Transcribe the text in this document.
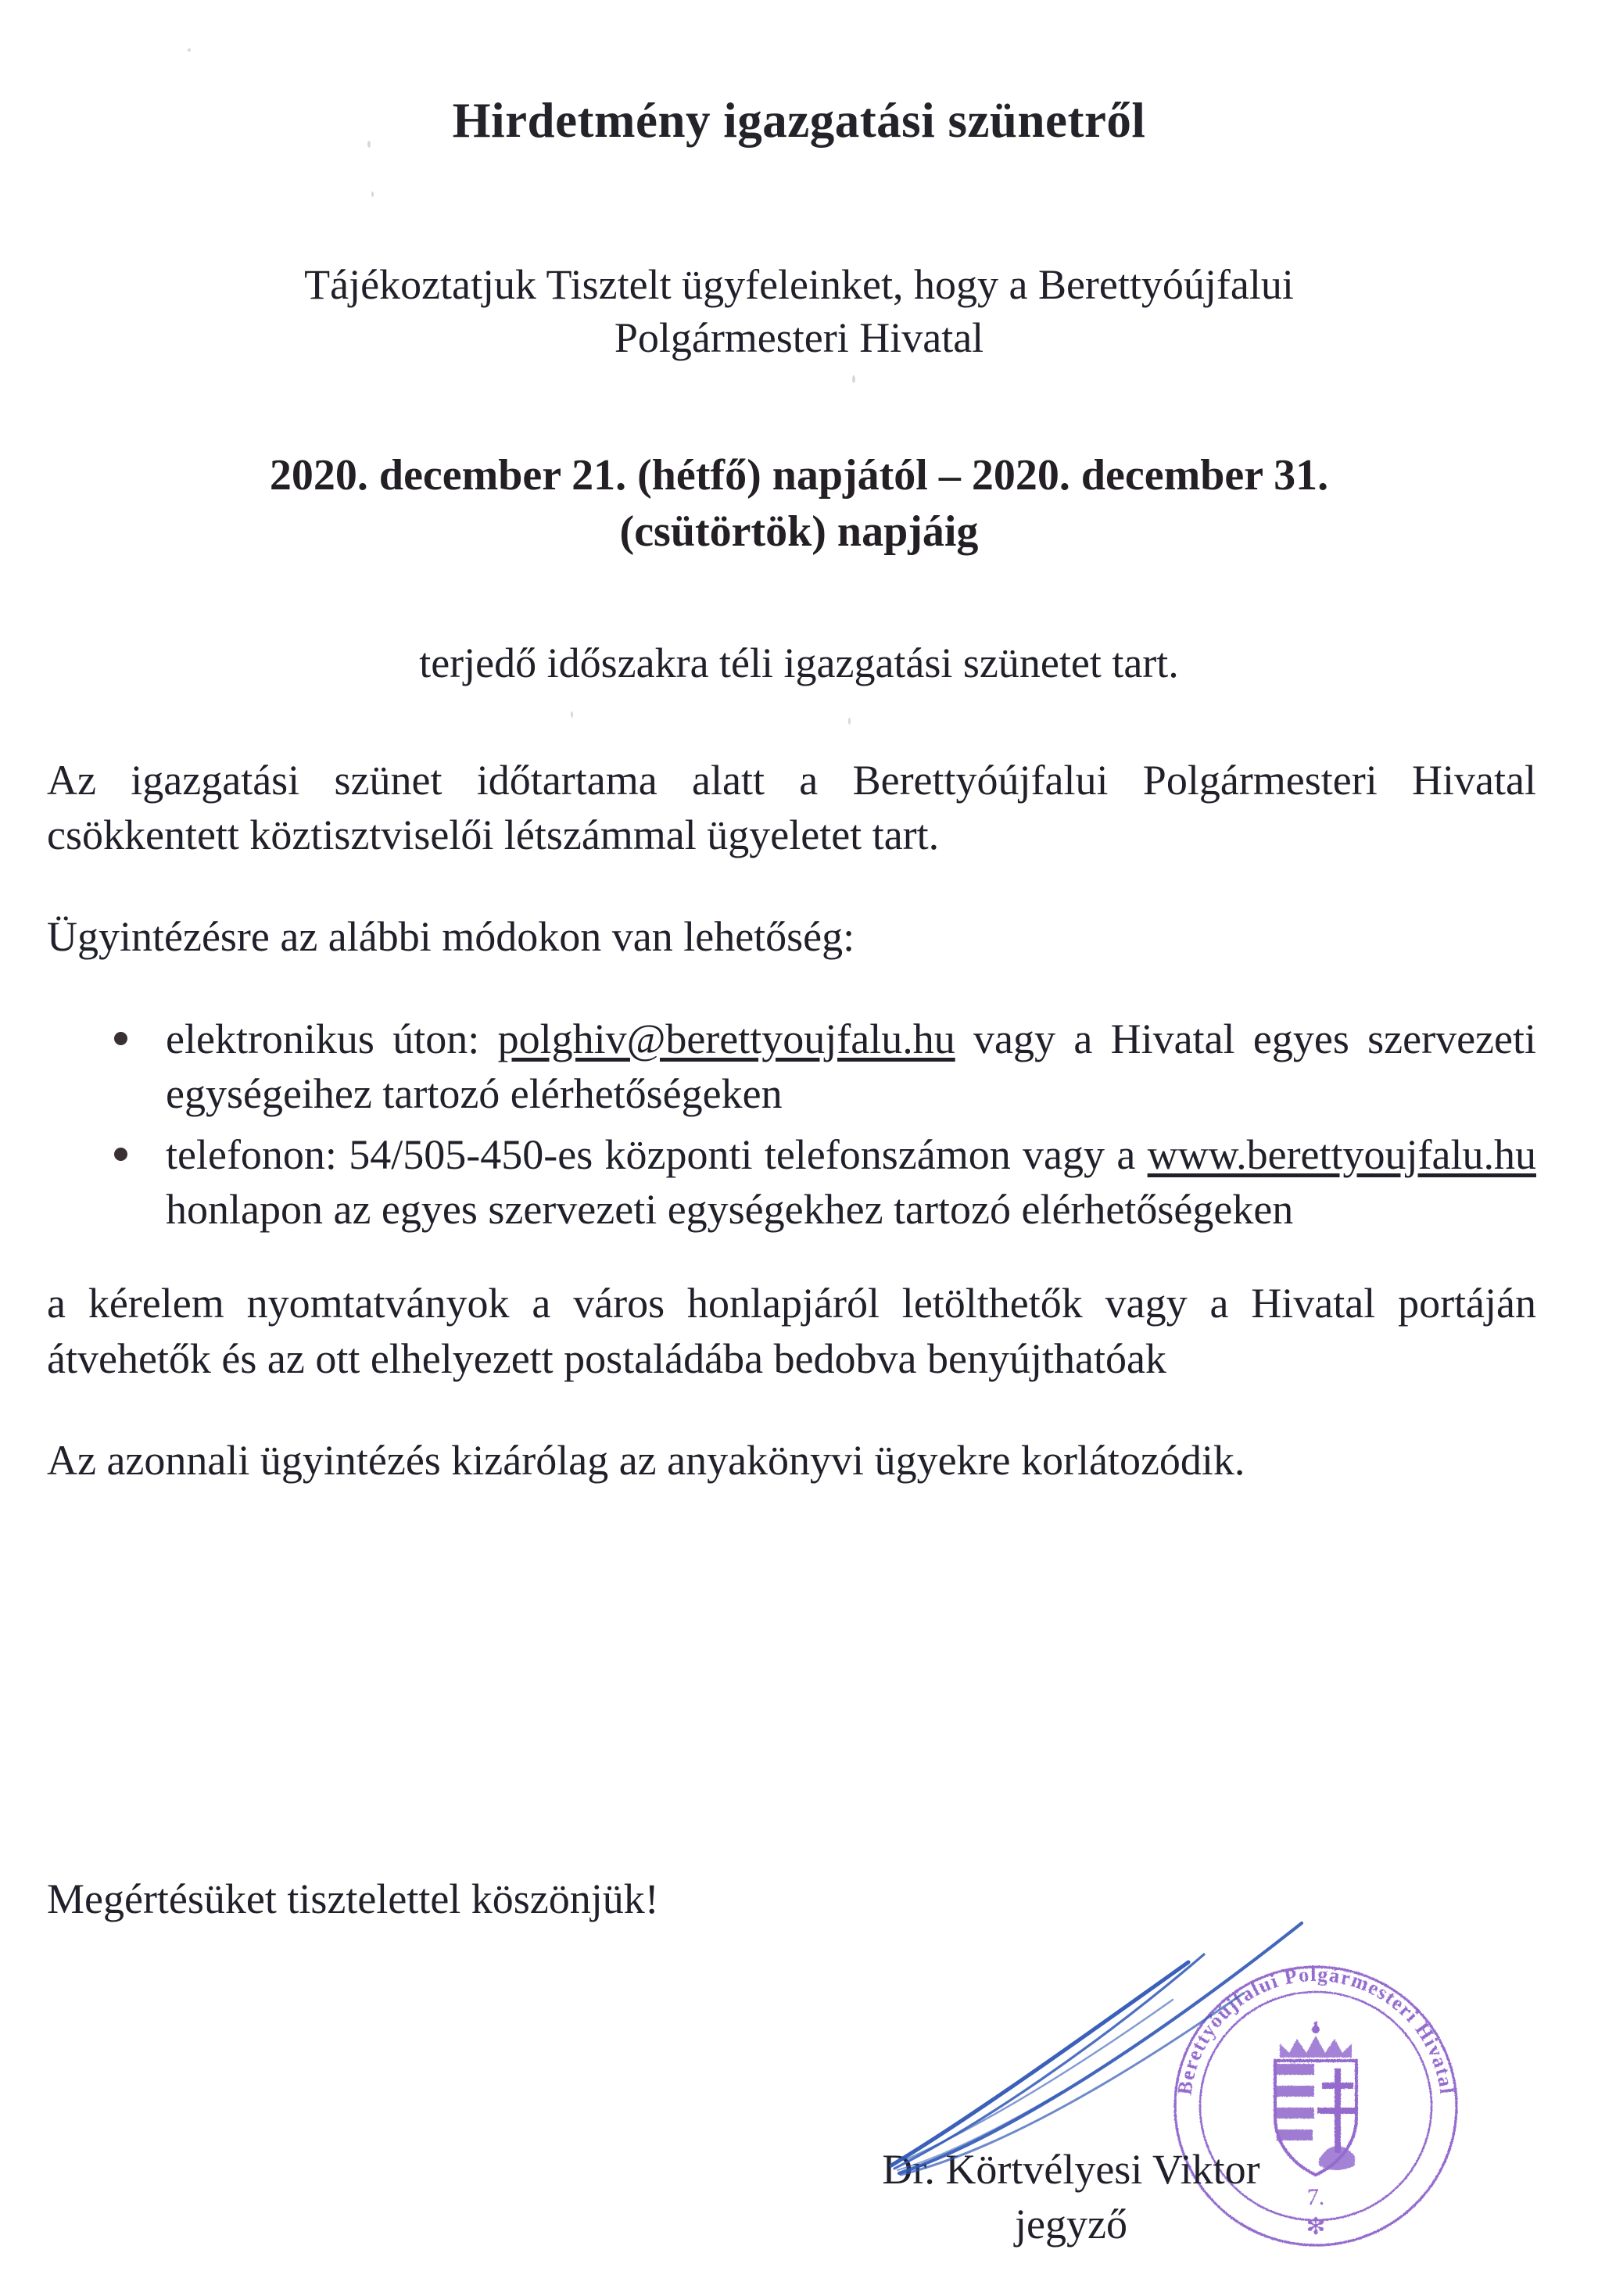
Hirdetmény igazgatási szünetről
Tájékoztatjuk Tisztelt ügyfeleinket, hogy a Berettyóújfalui
Polgármesteri Hivatal
2020. december 21. (hétfő) napjától – 2020. december 31.
(csütörtök) napjáig
terjedő időszakra téli igazgatási szünetet tart.

Az igazgatási szünet időtartama alatt a Berettyóújfalui Polgármesteri Hivatal csökkentett köztisztviselői létszámmal ügyeletet tart.

Ügyintézésre az alábbi módokon van lehetőség:

elektronikus úton: polghiv@berettyoujfalu.hu vagy a Hivatal egyes szervezeti egységeihez tartozó elérhetőségeken
telefonon: 54/505-450-es központi telefonszámon vagy a www.berettyoujfalu.hu honlapon az egyes szervezeti egységekhez tartozó elérhetőségeken

a kérelem nyomtatványok a város honlapjáról letölthetők vagy a Hivatal portáján átvehetők és az ott elhelyezett postaládába bedobva benyújthatóak

Az azonnali ügyintézés kizárólag az anyakönyvi ügyekre korlátozódik.

Megértésüket tisztelettel köszönjük!
Berettyóújfalui Polgármesteri Hivatal
7.
✻
Dr. Körtvélyesi Viktor
jegyző
